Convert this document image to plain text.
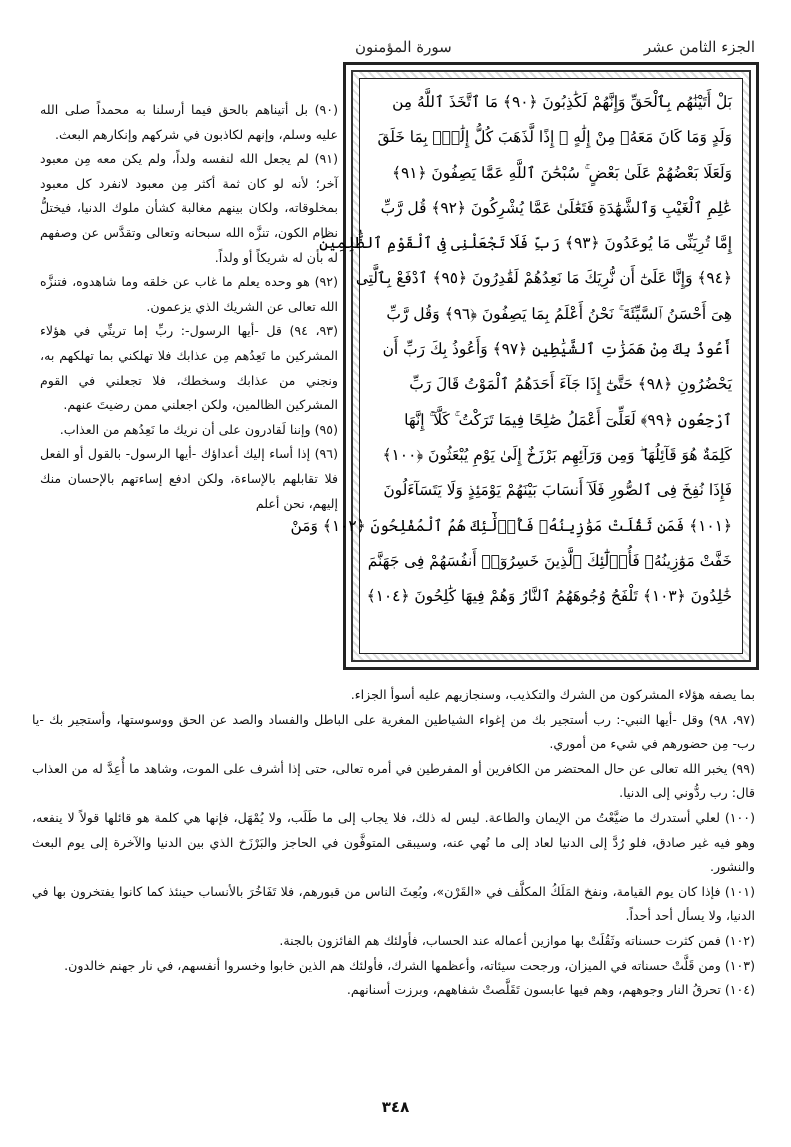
الجزء الثامن عشر
سورة المؤمنون
بَلْ أَتَيْنَٰهُم بِٱلْحَقِّ وَإِنَّهُمْ لَكَٰذِبُونَ ﴿٩٠﴾ مَا ٱتَّخَذَ ٱللَّهُ مِن
وَلَدٍ وَمَا كَانَ مَعَهُۥ مِنْ إِلَٰهٍ ۚ إِذًا لَّذَهَبَ كُلُّ إِلَٰهٍۭ بِمَا خَلَقَ
وَلَعَلَا بَعْضُهُمْ عَلَىٰ بَعْضٍ ۚ سُبْحَٰنَ ٱللَّهِ عَمَّا يَصِفُونَ ﴿٩١﴾
عَٰلِمِ ٱلْغَيْبِ وَٱلشَّهَٰدَةِ فَتَعَٰلَىٰ عَمَّا يُشْرِكُونَ ﴿٩٢﴾ قُل رَّبِّ
إِمَّا تُرِيَنِّى مَا يُوعَدُونَ ﴿٩٣﴾ رَبِّ فَلَا تَجْعَلْنِى فِى ٱلْقَوْمِ ٱلظَّٰلِمِينَ
﴿٩٤﴾ وَإِنَّا عَلَىٰٓ أَن نُّرِيَكَ مَا نَعِدُهُمْ لَقَٰدِرُونَ ﴿٩٥﴾ ٱدْفَعْ بِٱلَّتِى
هِىَ أَحْسَنُ ٱلسَّيِّئَةَ ۚ نَحْنُ أَعْلَمُ بِمَا يَصِفُونَ ﴿٩٦﴾ وَقُل رَّبِّ
أَعُوذُ بِكَ مِنْ هَمَزَٰتِ ٱلشَّيَٰطِينِ ﴿٩٧﴾ وَأَعُوذُ بِكَ رَبِّ أَن
يَحْضُرُونِ ﴿٩٨﴾ حَتَّىٰٓ إِذَا جَآءَ أَحَدَهُمُ ٱلْمَوْتُ قَالَ رَبِّ
ٱرْجِعُونِ ﴿٩٩﴾ لَعَلِّىٓ أَعْمَلُ صَٰلِحًا فِيمَا تَرَكْتُ ۚ كَلَّآ ۚ إِنَّهَا
كَلِمَةٌ هُوَ قَآئِلُهَا ۖ وَمِن وَرَآئِهِم بَرْزَخٌ إِلَىٰ يَوْمِ يُبْعَثُونَ ﴿١٠٠﴾
فَإِذَا نُفِخَ فِى ٱلصُّورِ فَلَآ أَنسَابَ بَيْنَهُمْ يَوْمَئِذٍ وَلَا يَتَسَآءَلُونَ
﴿١٠١﴾ فَمَن ثَقُلَتْ مَوَٰزِينُهُۥ فَأُو۟لَٰٓئِكَ هُمُ ٱلْمُفْلِحُونَ ﴿١٠٢﴾ وَمَنْ
خَفَّتْ مَوَٰزِينُهُۥ فَأُو۟لَٰٓئِكَ ٱلَّذِينَ خَسِرُوٓا۟ أَنفُسَهُمْ فِى جَهَنَّمَ
خَٰلِدُونَ ﴿١٠٣﴾ تَلْفَحُ وُجُوهَهُمُ ٱلنَّارُ وَهُمْ فِيهَا كَٰلِحُونَ ﴿١٠٤﴾

(٩٠) بل أتيناهم بالحق فيما أرسلنا به محمداً صلى الله عليه وسلم، وإنهم لكاذبون في شركهم وإنكارهم البعث.

(٩١) لم يجعل الله لنفسه ولداً، ولم يكن معه مِن معبود آخر؛ لأنه لو كان ثمة أكثر مِن معبود لانفرد كل معبود بمخلوقاته، ولكان بينهم مغالبة كشأن ملوك الدنيا، فيختلُّ نظام الكون، تنزَّه الله سبحانه وتعالى وتقدَّس عن وصفهم له بأن له شريكاً أو ولداً.

(٩٢) هو وحده يعلم ما غاب عن خلقه وما شاهدوه، فتنزَّه الله تعالى عن الشريك الذي يزعمون.

(٩٣، ٩٤) قل -أيها الرسول-: ربِّ إما ترينِّي في هؤلاء المشركين ما تَعِدُهم مِن عذابك فلا تهلكني بما تهلكهم به، ونجني من عذابك وسخطك، فلا تجعلني في القوم المشركين الظالمين، ولكن اجعلني ممن رضيتَ عنهم.

(٩٥) وإننا لَقادرون على أن نريك ما نَعِدُهم من العذاب.

(٩٦) إذا أساء إليك أعداؤك -أيها الرسول- بالقول أو الفعل فلا تقابلهم بالإساءة، ولكن ادفع إساءتهم بالإحسان منك إليهم، نحن أعلم

بما يصفه هؤلاء المشركون من الشرك والتكذيب، وسنجازيهم عليه أسوأ الجزاء.

(٩٧، ٩٨) وقل -أيها النبي-: رب أستجير بك من إغواء الشياطين المغرية على الباطل والفساد والصد عن الحق ووسوستها، وأستجير بك -يا رب- مِن حضورهم في شيء من أموري.

(٩٩) يخبر الله تعالى عن حال المحتضر من الكافرين أو المفرطين في أمره تعالى، حتى إذا أشرف على الموت، وشاهد ما أُعِدَّ له من العذاب قال: رب ردُّوني إلى الدنيا.

(١٠٠) لعلي أستدرك ما ضيَّعْتُ من الإيمان والطاعة. ليس له ذلك، فلا يجاب إلى ما طَلَب، ولا يُمْهَل، فإنها هي كلمة هو قائلها قولاً لا ينفعه، وهو فيه غير صادق، فلو رُدَّ إلى الدنيا لعاد إلى ما نُهي عنه، وسيبقى المتوفَّون في الحاجز والبَرْزَخ الذي بين الدنيا والآخرة إلى يوم البعث والنشور.

(١٠١) فإذا كان يوم القيامة، ونفخ المَلَكُ المكلَّف في «القَرْن»، وبُعِثَ الناس من قبورهم، فلا تَفَاخُرَ بالأنساب حينئذ كما كانوا يفتخرون بها في الدنيا، ولا يسأل أحد أحداً.

(١٠٢) فمن كثرت حسناته وثَقُلَتْ بها موازين أعماله عند الحساب، فأولئك هم الفائزون بالجنة.

(١٠٣) ومن قَلَّتْ حسناته في الميزان، ورجحت سيئاته، وأعظمها الشرك، فأولئك هم الذين خابوا وخسروا أنفسهم، في نار جهنم خالدون.

(١٠٤) تحرقُ النار وجوههم، وهم فيها عابسون تَقَلَّصتْ شفاههم، وبرزت أسنانهم.

٣٤٨
